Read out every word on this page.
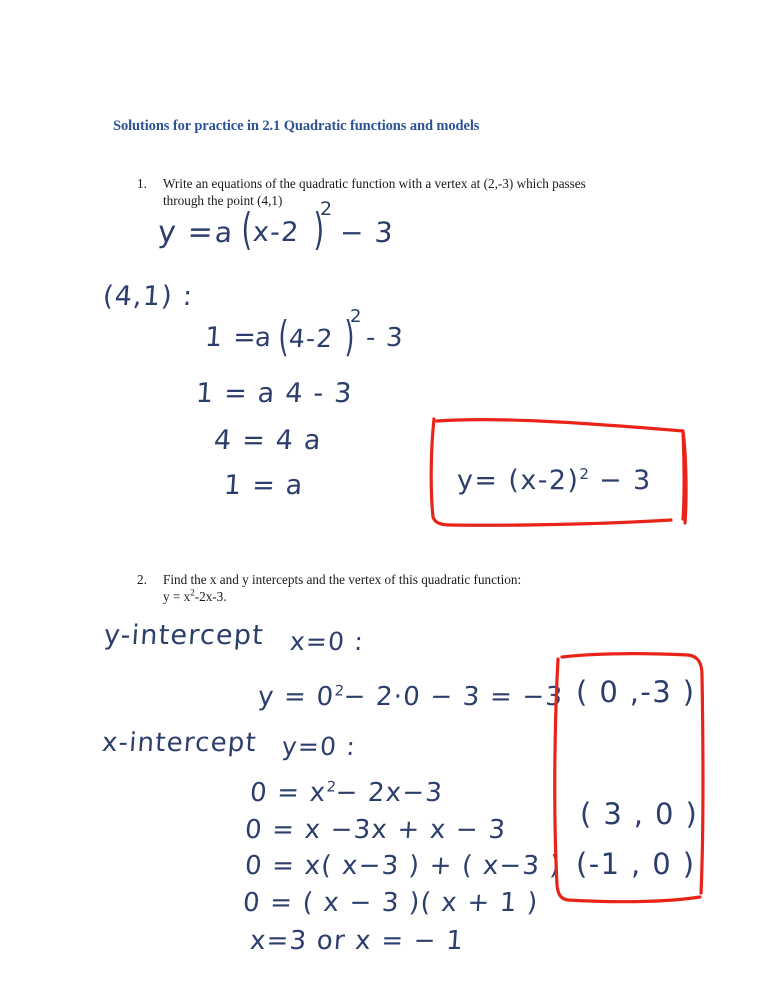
Solutions for practice in 2.1 Quadratic functions and models
1. Write an equations of the quadratic function with a vertex at (2,-3) which passes
through the point (4,1)
y =
a ( x-2 )
2
− 3
(4,1) :
1 =
a (
4-2 )
2
- 3
1 = a 4 - 3
4 = 4 a
1 = a	$y= (x-2)^2 - 3$
2. Find the x and y intercepts and the vertex of this quadratic function:
$y = x^2-2x-3$.
y-intercept x=0 :
$y = 0^2- 2\cdot 0 - 3 = -3$
x-intercept y=0 :
$0 = x^2- 2x-3$
0 = x −3x + x − 3
0 = x( x−3 ) + ( x−3 )
0 = ( x − 3 )( x + 1 )
x=3 or x = − 1
( 0 ,-3 )
( 3 , 0 )
(-1 , 0 )
